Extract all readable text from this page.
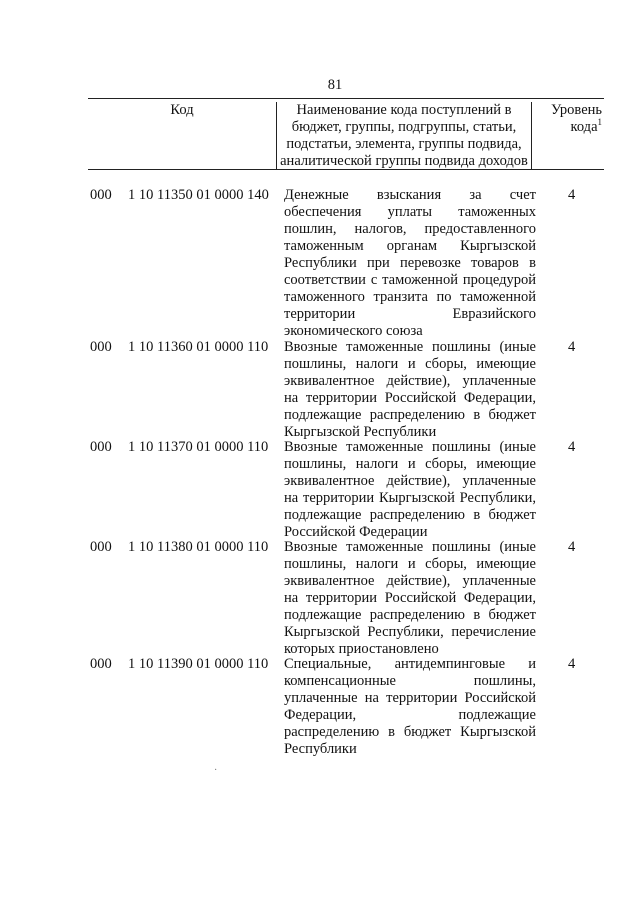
81
Код	Наименование кода поступлений в бюджет, группы, подгруппы, статьи, подстатьи, элемента, группы подвида, аналитической группы подвида доходов
Уровень кода$^1$
000 1 10 11350 01 0000 140 Денежные взыскания за счет обеспечения уплаты таможенных пошлин, налогов, предоставленного таможенным органам Кыргызской Республики при перевозке товаров в соответствии с таможенной процедурой таможенного транзита по таможенной территории Евразийского экономического союза
4
000 1 10 11360 01 0000 110 Ввозные таможенные пошлины (иные пошлины, налоги и сборы, имеющие эквивалентное действие), уплаченные на территории Российской Федерации, подлежащие распределению в бюджет Кыргызской Республики
4
000 1 10 11370 01 0000 110 Ввозные таможенные пошлины (иные пошлины, налоги и сборы, имеющие эквивалентное действие), уплаченные на территории Кыргызской Республики, подлежащие распределению в бюджет Российской Федерации
4
000 1 10 11380 01 0000 110 Ввозные таможенные пошлины (иные пошлины, налоги и сборы, имеющие эквивалентное действие), уплаченные на территории Российской Федерации, подлежащие распределению в бюджет Кыргызской Республики, перечисление которых приостановлено
4
000 1 10 11390 01 0000 110 Специальные, антидемпинговые и компенсационные пошлины, уплаченные на территории Российской Федерации, подлежащие распределению в бюджет Кыргызской Республики
4
·
